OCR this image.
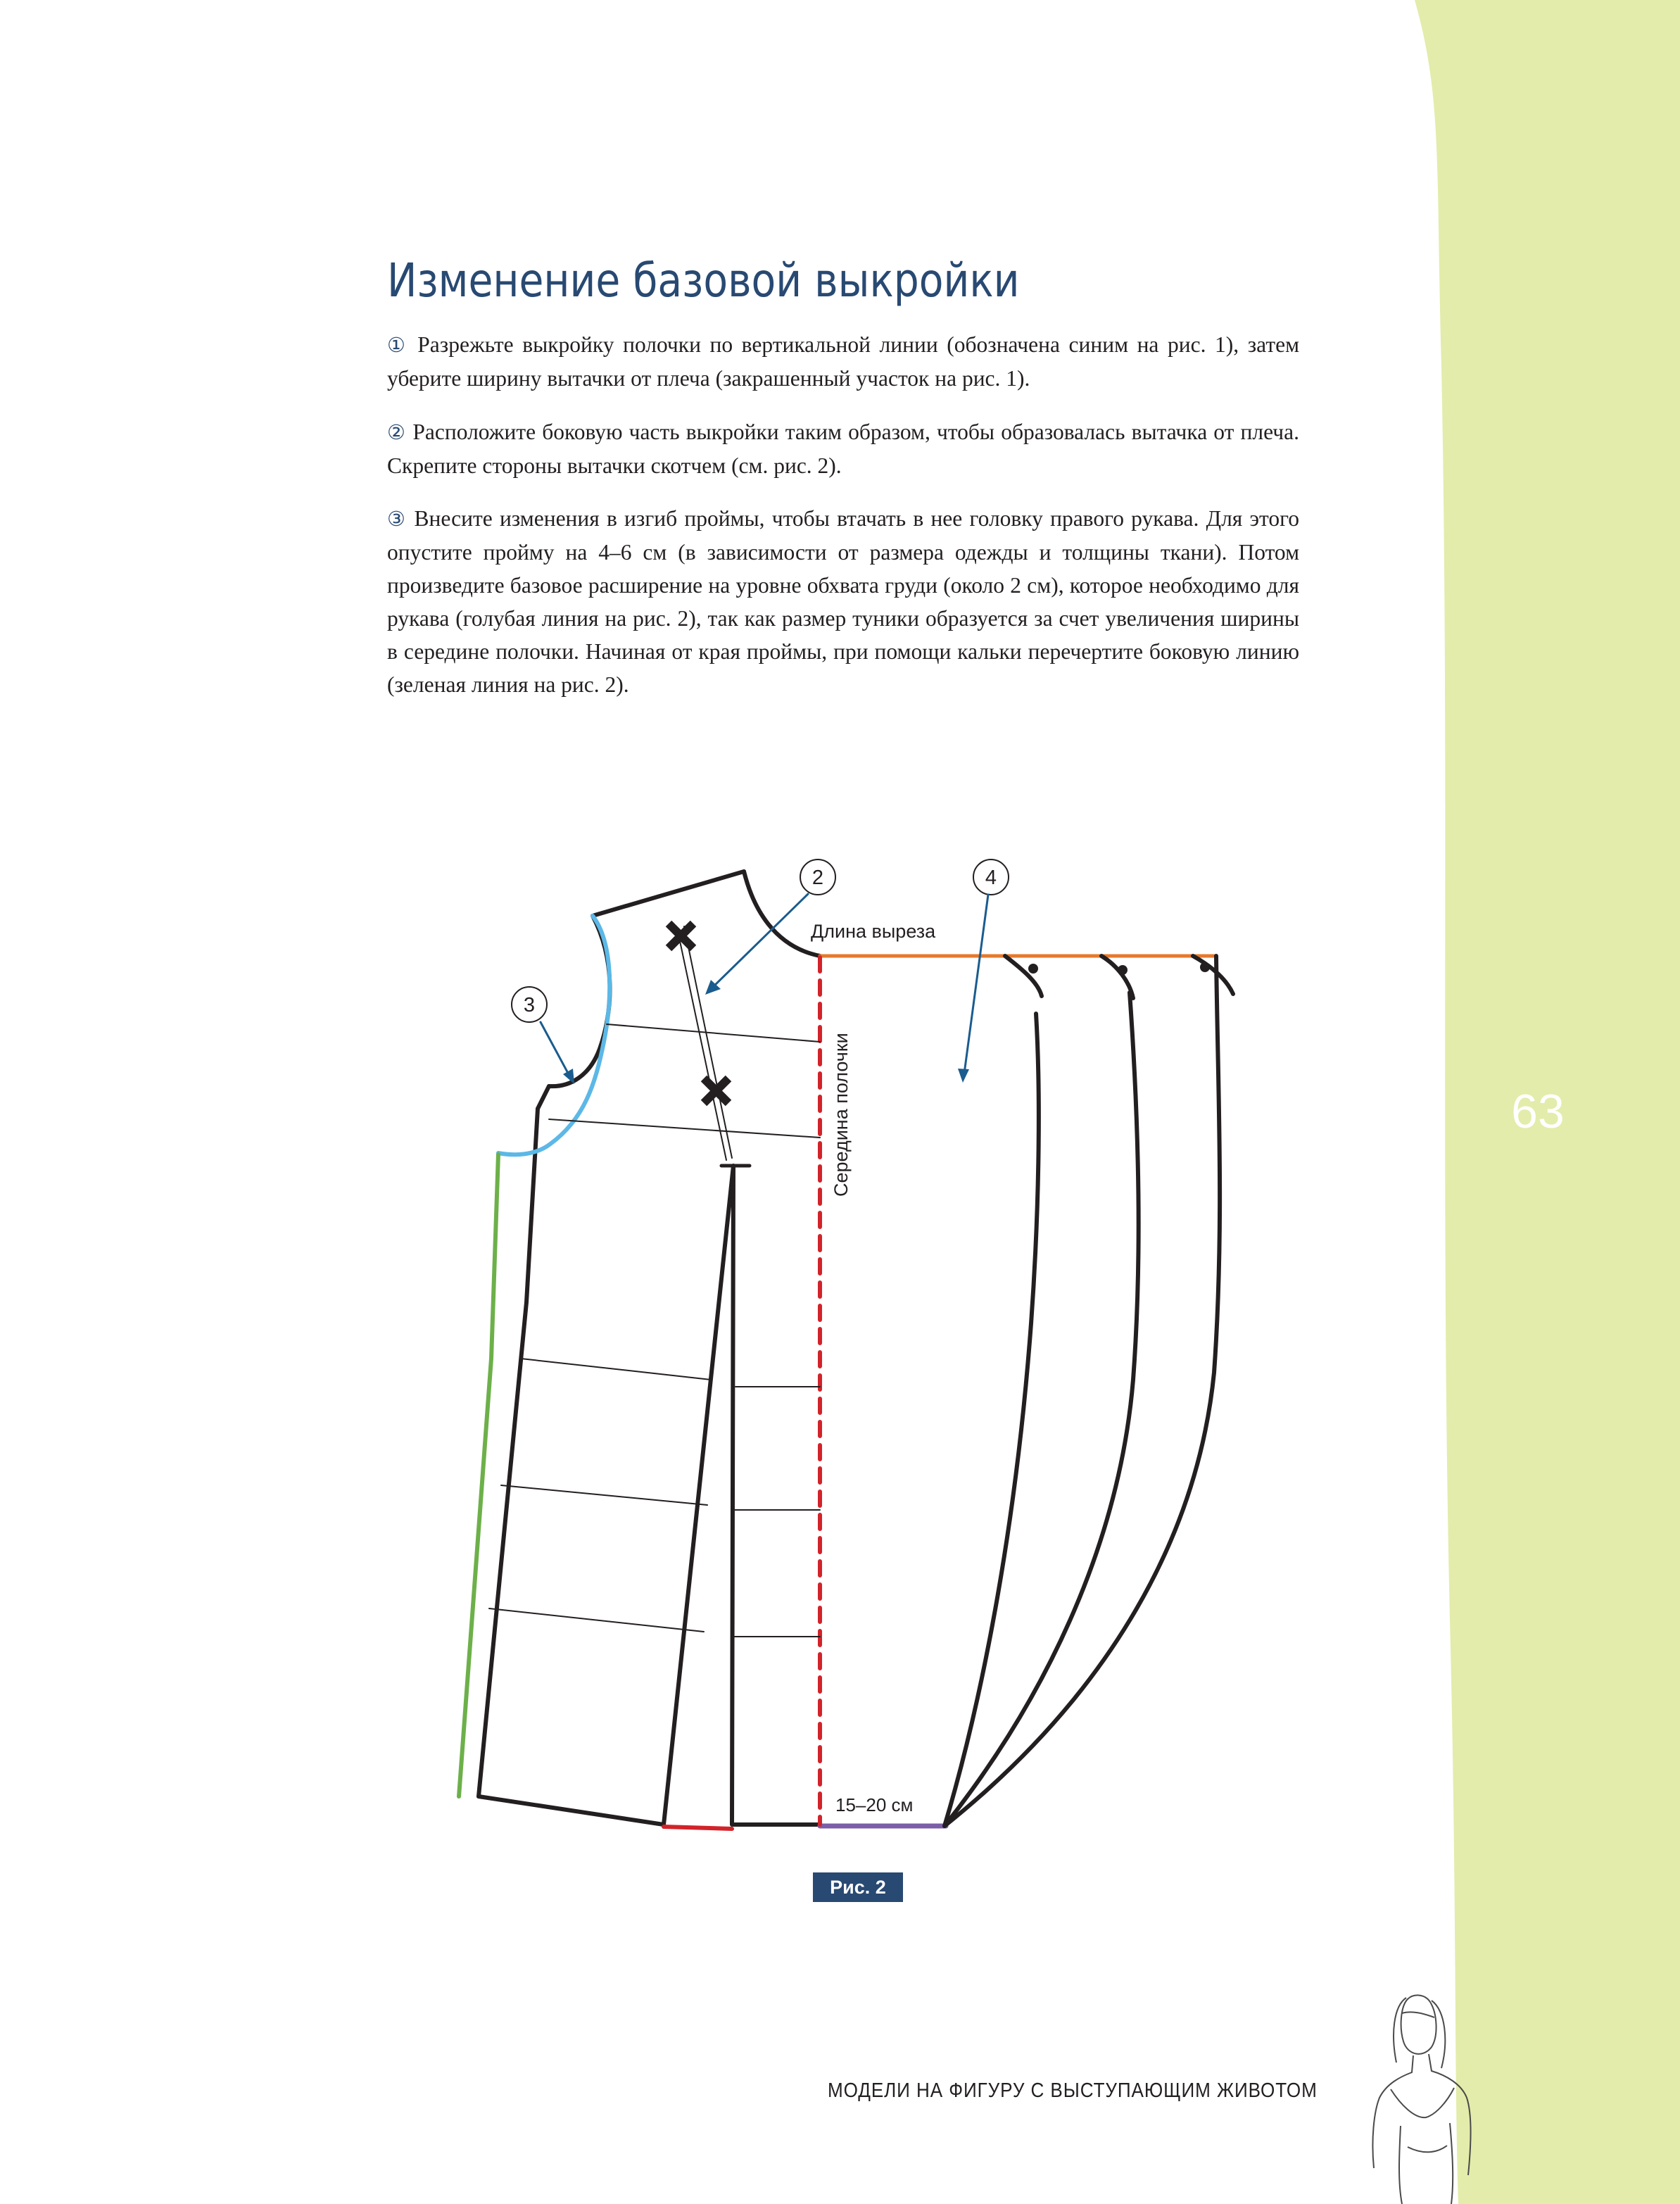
63
Изменение базовой выкройки

① Разрежьте выкройку полочки по вертикальной линии (обозначена синим на рис. 1), затем уберите ширину вытачки от плеча (закрашенный участок на рис. 1).

② Расположите боковую часть выкройки таким образом, чтобы образовалась вытачка от плеча. Скрепите стороны вытачки скотчем (см. рис. 2).

③ Внесите изменения в изгиб проймы, чтобы втачать в нее головку правого рукава. Для этого опустите пройму на 4–6 см (в зависимости от размера одежды и толщины ткани). Потом произведите базовое расширение на уровне обхвата груди (около 2 см), которое необходимо для рукава (голубая линия на рис. 2), так как размер туники образуется за счет увеличения ширины в середине полочки. Начиная от края проймы, при помощи кальки перечертите боковую линию (зеленая линия на рис. 2).

2
3
4
Длина выреза
Середина полочки
15–20 см
Рис. 2
МОДЕЛИ НА ФИГУРУ С ВЫСТУПАЮЩИМ ЖИВОТОМ
